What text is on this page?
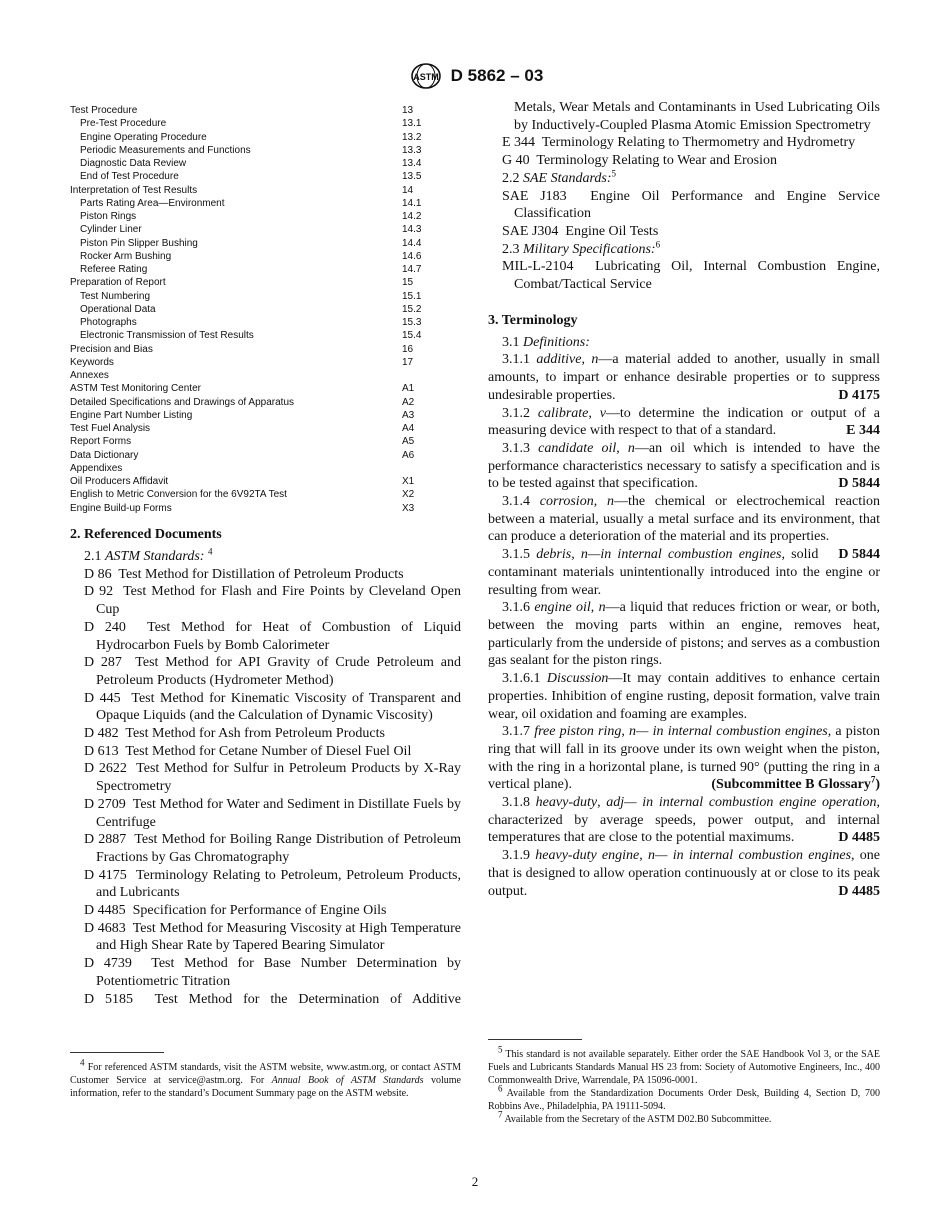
ASTM D 5862 – 03
Test Procedure	13
Pre-Test Procedure	13.1
Engine Operating Procedure	13.2
Periodic Measurements and Functions	13.3
Diagnostic Data Review	13.4
End of Test Procedure	13.5
Interpretation of Test Results	14
Parts Rating Area—Environment	14.1
Piston Rings	14.2
Cylinder Liner	14.3
Piston Pin Slipper Bushing	14.4
Rocker Arm Bushing	14.6
Referee Rating	14.7
Preparation of Report	15
Test Numbering	15.1
Operational Data	15.2
Photographs	15.3
Electronic Transmission of Test Results	15.4
Precision and Bias	16
Keywords	17
Annexes
ASTM Test Monitoring Center	A1
Detailed Specifications and Drawings of Apparatus	A2
Engine Part Number Listing	A3
Test Fuel Analysis	A4
Report Forms	A5
Data Dictionary	A6
Appendixes
Oil Producers Affidavit	X1
English to Metric Conversion for the 6V92TA Test	X2
Engine Build-up Forms	X3
2. Referenced Documents
2.1 ASTM Standards: $^4$
D 86 Test Method for Distillation of Petroleum Products
D 92 Test Method for Flash and Fire Points by Cleveland Open Cup
D 240 Test Method for Heat of Combustion of Liquid Hydrocarbon Fuels by Bomb Calorimeter
D 287 Test Method for API Gravity of Crude Petroleum and Petroleum Products (Hydrometer Method)
D 445 Test Method for Kinematic Viscosity of Transparent and Opaque Liquids (and the Calculation of Dynamic Viscosity)
D 482 Test Method for Ash from Petroleum Products
D 613 Test Method for Cetane Number of Diesel Fuel Oil
D 2622 Test Method for Sulfur in Petroleum Products by X-Ray Spectrometry
D 2709 Test Method for Water and Sediment in Distillate Fuels by Centrifuge
D 2887 Test Method for Boiling Range Distribution of Petroleum Fractions by Gas Chromatography
D 4175 Terminology Relating to Petroleum, Petroleum Products, and Lubricants
D 4485 Specification for Performance of Engine Oils
D 4683 Test Method for Measuring Viscosity at High Temperature and High Shear Rate by Tapered Bearing Simulator
D 4739 Test Method for Base Number Determination by Potentiometric Titration
D 5185 Test Method for the Determination of Additive
$^4$ For referenced ASTM standards, visit the ASTM website, www.astm.org, or contact ASTM Customer Service at service@astm.org. For Annual Book of ASTM Standards volume information, refer to the standard’s Document Summary page on the ASTM website.
Metals, Wear Metals and Contaminants in Used Lubricating Oils by Inductively-Coupled Plasma Atomic Emission Spectrometry
E 344 Terminology Relating to Thermometry and Hydrometry
G 40 Terminology Relating to Wear and Erosion
2.2 SAE Standards:$^5$
SAE J183 Engine Oil Performance and Engine Service Classification
SAE J304 Engine Oil Tests
2.3 Military Specifications:$^6$
MIL-L-2104 Lubricating Oil, Internal Combustion Engine, Combat/Tactical Service
3. Terminology
3.1 Definitions:
3.1.1 additive, n—a material added to another, usually in small amounts, to impart or enhance desirable properties or to suppress undesirable properties.	D 4175
3.1.2 calibrate, v—to determine the indication or output of a measuring device with respect to that of a standard.	E 344
3.1.3 candidate oil, n—an oil which is intended to have the performance characteristics necessary to satisfy a specification and is to be tested against that specification.	D 5844
3.1.4 corrosion, n—the chemical or electrochemical reaction between a material, usually a metal surface and its environment, that can produce a deterioration of the material and its properties.
D 5844
3.1.5 debris, n—in internal combustion engines, solid contaminant materials unintentionally introduced into the engine or resulting from wear.
3.1.6 engine oil, n—a liquid that reduces friction or wear, or both, between the moving parts within an engine, removes heat, particularly from the underside of pistons; and serves as a combustion gas sealant for the piston rings.
3.1.6.1 Discussion—It may contain additives to enhance certain properties. Inhibition of engine rusting, deposit formation, valve train wear, oil oxidation and foaming are examples.
3.1.7 free piston ring, n— in internal combustion engines, a piston ring that will fall in its groove under its own weight when the piston, with the ring in a horizontal plane, is turned 90° (putting the ring in a vertical plane).	(Subcommittee B Glossary$^7$)
3.1.8 heavy-duty, adj— in internal combustion engine operation, characterized by average speeds, power output, and internal temperatures that are close to the potential maximums.	D 4485
3.1.9 heavy-duty engine, n— in internal combustion engines, one that is designed to allow operation continuously at or close to its peak output.	D 4485
$^5$ This standard is not available separately. Either order the SAE Handbook Vol 3, or the SAE Fuels and Lubricants Standards Manual HS 23 from: Society of Automotive Engineers, Inc., 400 Commonwealth Drive, Warrendale, PA 15096-0001.
$^6$ Available from the Standardization Documents Order Desk, Building 4, Section D, 700 Robbins Ave., Philadelphia, PA 19111-5094.
$^7$ Available from the Secretary of the ASTM D02.B0 Subcommittee.
2
